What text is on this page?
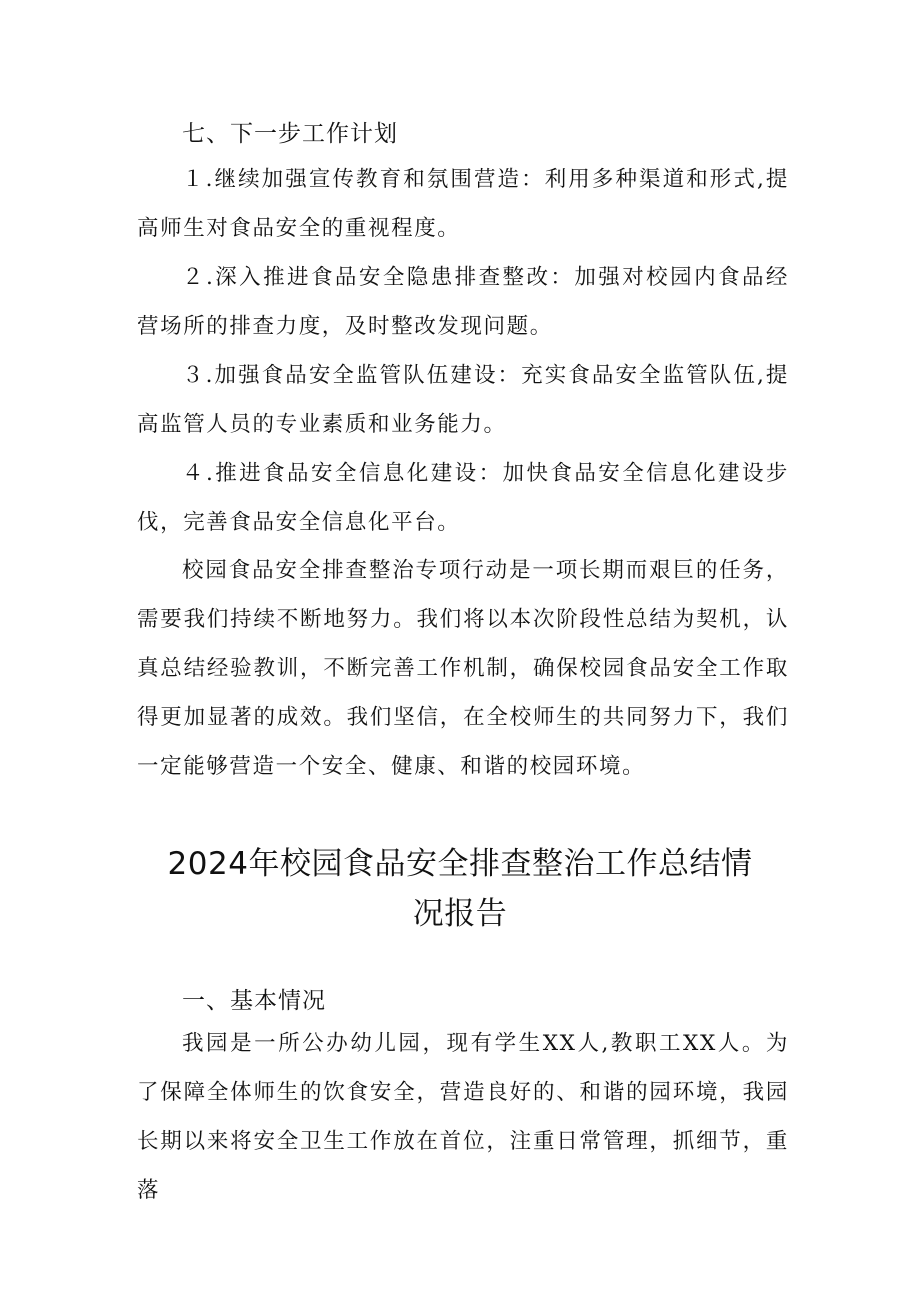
七、下一步工作计划

１.继续加强宣传教育和氛围营造：利用多种渠道和形式,提高师生对食品安全的重视程度。

２.深入推进食品安全隐患排查整改：加强对校园内食品经营场所的排查力度，及时整改发现问题。

３.加强食品安全监管队伍建设：充实食品安全监管队伍,提高监管人员的专业素质和业务能力。

４.推进食品安全信息化建设：加快食品安全信息化建设步伐，完善食品安全信息化平台。

校园食品安全排查整治专项行动是一项长期而艰巨的任务，需要我们持续不断地努力。我们将以本次阶段性总结为契机，认真总结经验教训，不断完善工作机制，确保校园食品安全工作取得更加显著的成效。我们坚信，在全校师生的共同努力下，我们一定能够营造一个安全、健康、和谐的校园环境。

2024年校园食品安全排查整治工作总结情
况报告
一、基本情况

我园是一所公办幼儿园，现有学生XX人,教职工XX人。为了保障全体师生的饮食安全，营造良好的、和谐的园环境，我园长期以来将安全卫生工作放在首位，注重日常管理，抓细节，重落
